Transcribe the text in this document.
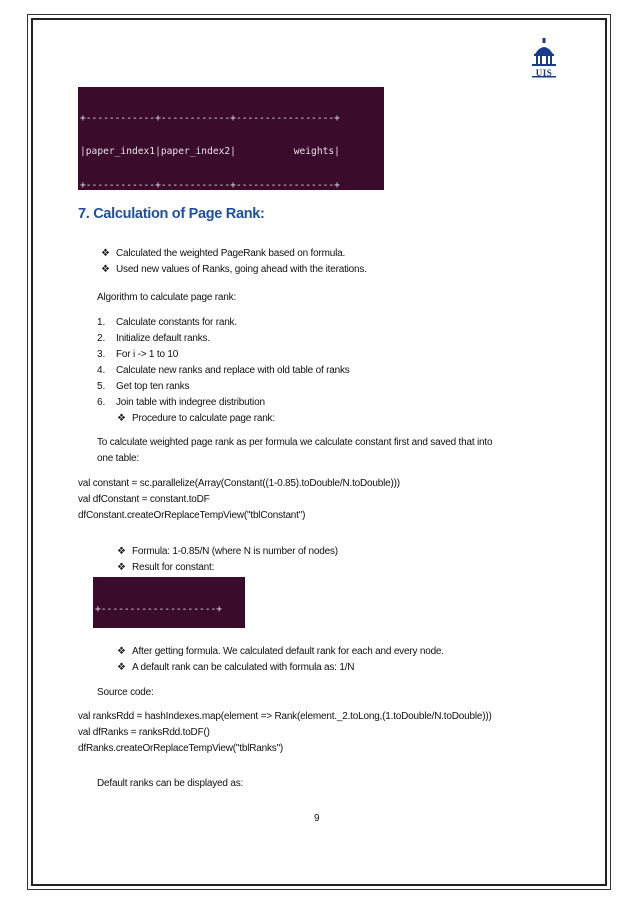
UIS

+------------+------------+-----------------+

|paper_index1|paper_index2|          weights|

+------------+------------+-----------------+

7. Calculation of Page Rank:
❖ Calculated the weighted PageRank based on formula.
❖ Used new values of Ranks, going ahead with the iterations.
Algorithm to calculate page rank:
1. Calculate constants for rank.
2. Initialize default ranks.
3. For i -> 1 to 10
4. Calculate new ranks and replace with old table of ranks
5. Get top ten ranks
6. Join table with indegree distribution
❖ Procedure to calculate page rank:
To calculate weighted page rank as per formula we calculate constant first and saved that into
one table:
val constant = sc.parallelize(Array(Constant((1-0.85).toDouble/N.toDouble)))
val dfConstant = constant.toDF
dfConstant.createOrReplaceTempView("tblConstant")
❖ Formula: 1-0.85/N (where N is number of nodes)
❖ Result for constant:

+--------------------+

❖ After getting formula. We calculated default rank for each and every node.
❖ A default rank can be calculated with formula as: 1/N
Source code:
val ranksRdd = hashIndexes.map(element => Rank(element._2.toLong,(1.toDouble/N.toDouble)))
val dfRanks = ranksRdd.toDF()
dfRanks.createOrReplaceTempView("tblRanks")
Default ranks can be displayed as:
9
